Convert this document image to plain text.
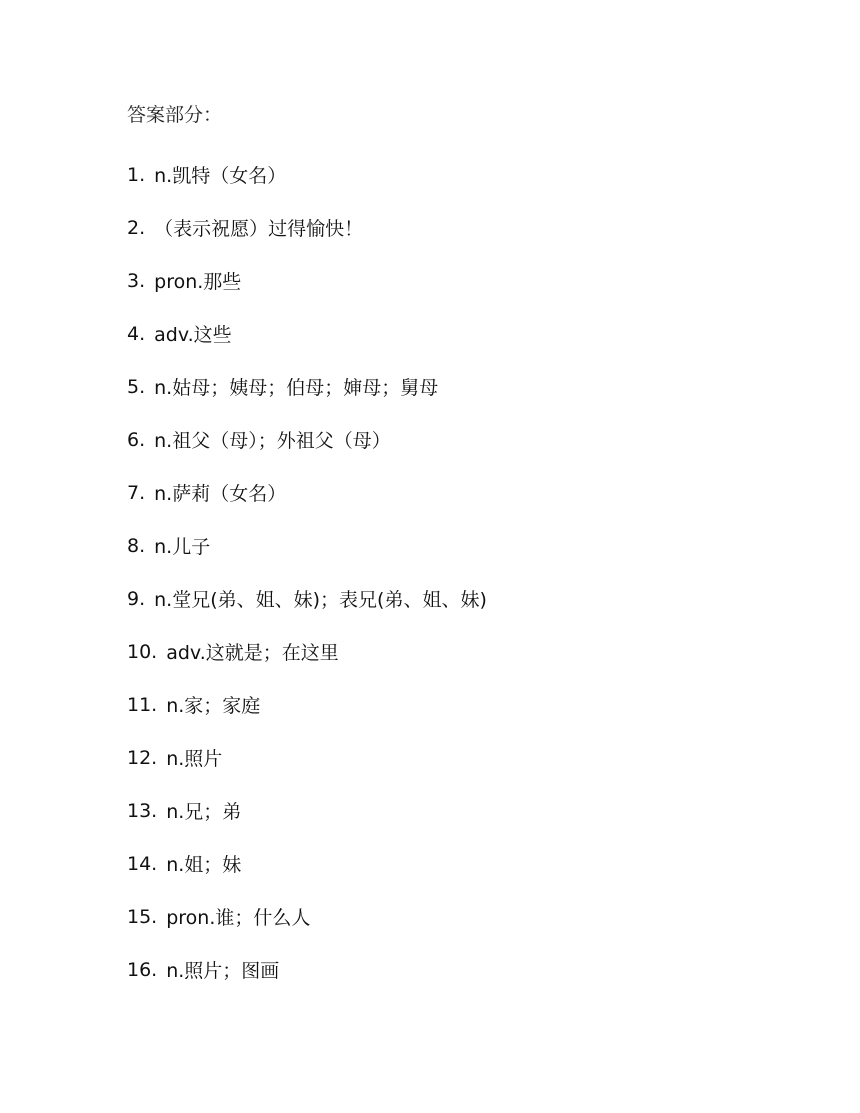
答案部分：
1. n.凯特（女名）
2. （表示祝愿）过得愉快！
3. pron.那些
4. adv.这些
5. n.姑母；姨母；伯母；婶母；舅母
6. n.祖父（母）；外祖父（母）
7. n.萨莉（女名）
8. n.儿子
9. n.堂兄(弟、姐、妹)；表兄(弟、姐、妹)
10. adv.这就是；在这里
11. n.家；家庭
12. n.照片
13. n.兄；弟
14. n.姐；妹
15. pron.谁；什么人
16. n.照片；图画
